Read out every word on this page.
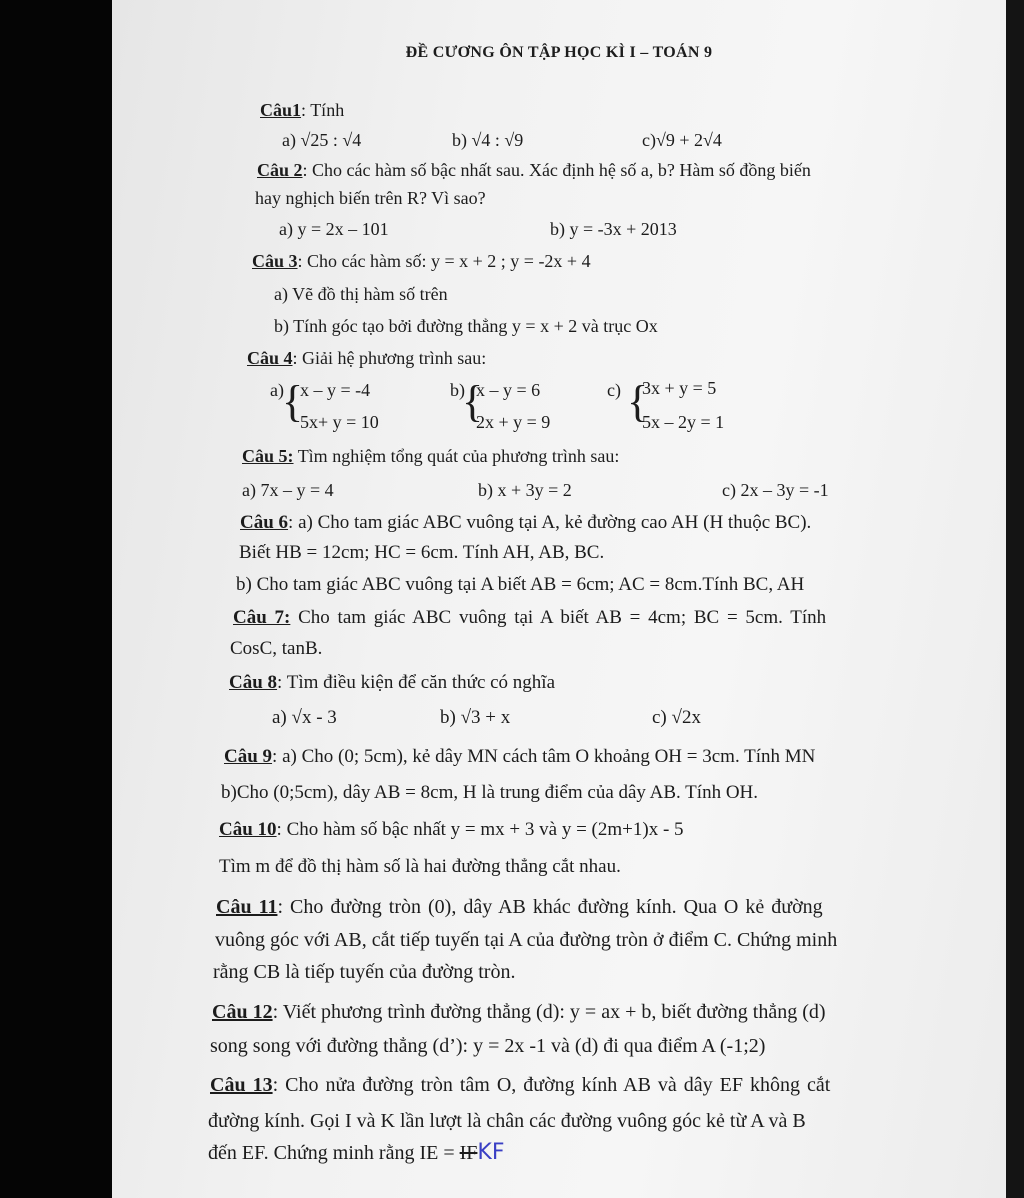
ĐỀ CƯƠNG ÔN TẬP HỌC KÌ I – TOÁN 9
Câu1: Tính
a) √25 : √4	b) √4 : √9	c)√9 + 2√4
Câu 2: Cho các hàm số bậc nhất sau. Xác định hệ số a, b? Hàm số đồng biến
hay nghịch biến trên R? Vì sao?
a) y = 2x – 101	b) y = -3x + 2013
Câu 3: Cho các hàm số: y = x + 2 ; y = -2x + 4
a) Vẽ đồ thị hàm số trên
b) Tính góc tạo bởi đường thẳng y = x + 2 và trục Ox
Câu 4: Giải hệ phương trình sau:
a)
{
x – y = -4
5x+ y = 10
b)
{
x – y = 6
2x + y = 9
c) {
3x + y = 5
5x – 2y = 1
Câu 5: Tìm nghiệm tổng quát của phương trình sau:
a) 7x – y = 4	b) x + 3y = 2	c) 2x – 3y = -1
Câu 6: a) Cho tam giác ABC vuông tại A, kẻ đường cao AH (H thuộc BC).
Biết HB = 12cm; HC = 6cm. Tính AH, AB, BC.
b) Cho tam giác ABC vuông tại A biết AB = 6cm; AC = 8cm.Tính BC, AH
Câu 7: Cho tam giác ABC vuông tại A biết AB = 4cm; BC = 5cm. Tính
CosC, tanB.
Câu 8: Tìm điều kiện để căn thức có nghĩa
a) √x - 3	b) √3 + x	c) √2x
Câu 9: a) Cho (0; 5cm), kẻ dây MN cách tâm O khoảng OH = 3cm. Tính MN
b)Cho (0;5cm), dây AB = 8cm, H là trung điểm của dây AB. Tính OH.
Câu 10: Cho hàm số bậc nhất y = mx + 3 và y = (2m+1)x - 5
Tìm m để đồ thị hàm số là hai đường thẳng cắt nhau.
Câu 11: Cho đường tròn (0), dây AB khác đường kính. Qua O kẻ đường
vuông góc với AB, cắt tiếp tuyến tại A của đường tròn ở điểm C. Chứng minh
rằng CB là tiếp tuyến của đường tròn.
Câu 12: Viết phương trình đường thẳng (d): y = ax + b, biết đường thẳng (d)
song song với đường thẳng (d’): y = 2x -1 và (d) đi qua điểm A (-1;2)
Câu 13: Cho nửa đường tròn tâm O, đường kính AB và dây EF không cắt
đường kính. Gọi I và K lần lượt là chân các đường vuông góc kẻ từ A và B
đến EF. Chứng minh rằng IE = IFKF
